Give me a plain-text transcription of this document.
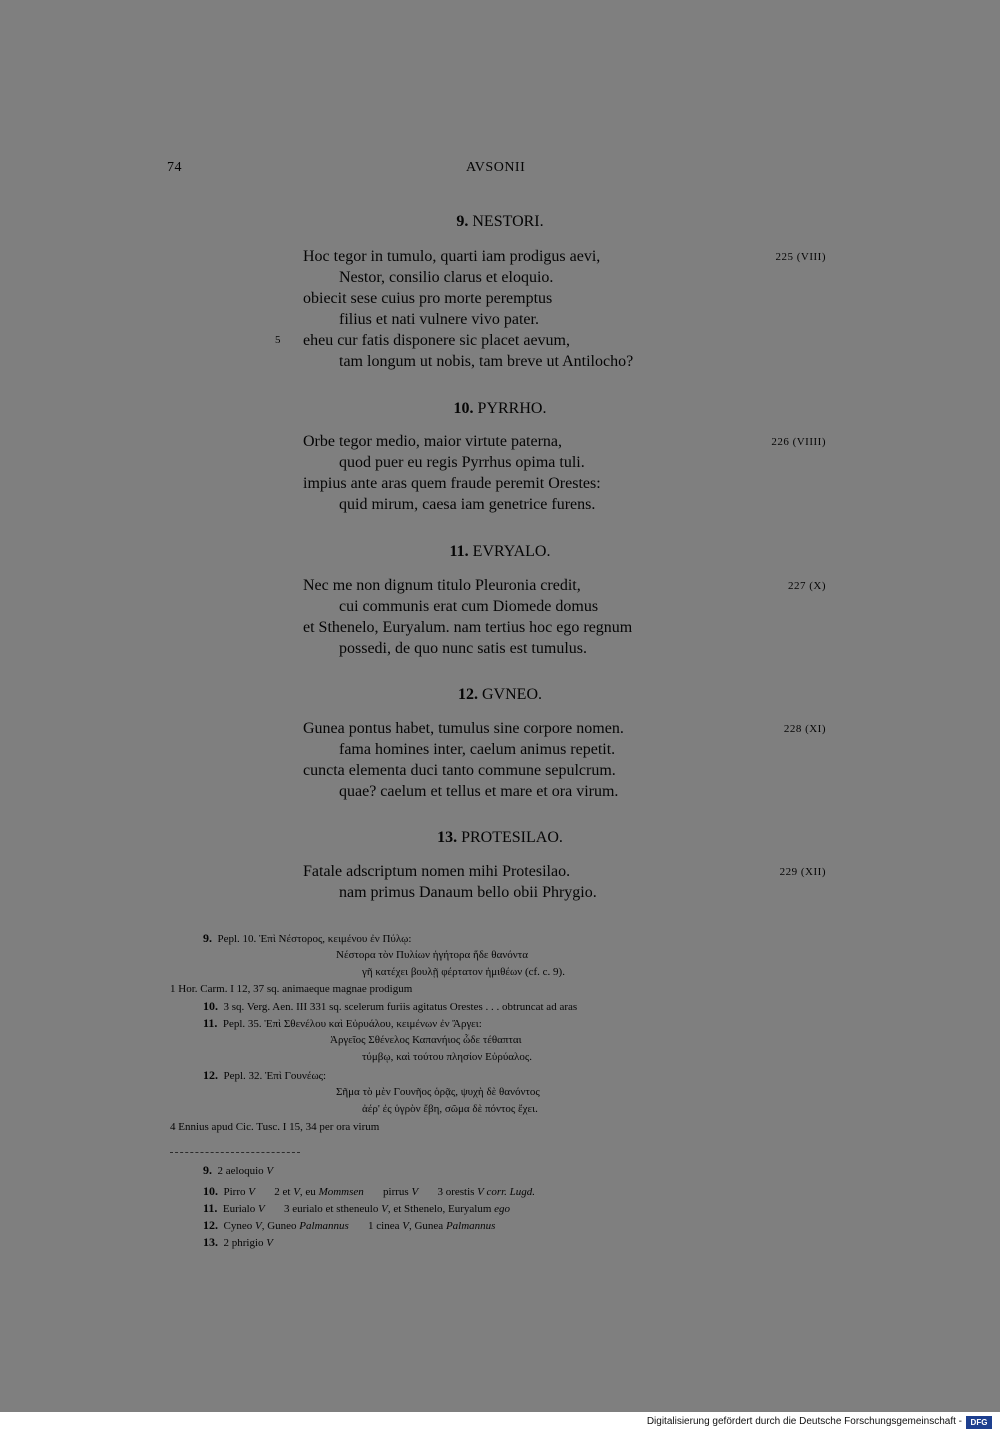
74	AVSONII
9. NESTORI.
Hoc tegor in tumulo, quarti iam prodigus aevi,	225 (VIII)
Nestor, consilio clarus et eloquio.
obiecit sese cuius pro morte peremptus
filius et nati vulnere vivo pater.
5 eheu cur fatis disponere sic placet aevum,
tam longum ut nobis, tam breve ut Antilocho?
10. PYRRHO.
Orbe tegor medio, maior virtute paterna,	226 (VIIII)
quod puer eu regis Pyrrhus opima tuli.
impius ante aras quem fraude peremit Orestes:
quid mirum, caesa iam genetrice furens.
11. EVRYALO.
Nec me non dignum titulo Pleuronia credit,	227 (X)
cui communis erat cum Diomede domus
et Sthenelo, Euryalum. nam tertius hoc ego regnum
possedi, de quo nunc satis est tumulus.
12. GVNEO.
Gunea pontus habet, tumulus sine corpore nomen.	228 (XI)
fama homines inter, caelum animus repetit.
cuncta elementa duci tanto commune sepulcrum.
quae? caelum et tellus et mare et ora virum.
13. PROTESILAO.
Fatale adscriptum nomen mihi Protesilao.	229 (XII)
nam primus Danaum bello obii Phrygio.
9. Pepl. 10. Ἐπὶ Νέστορος, κειμένου ἐν Πύλῳ:
Νέστορα τὸν Πυλίων ἡγήτορα ἥδε θανόντα
γῆ κατέχει βουλῇ φέρτατον ἡμιθέων (cf. c. 9).
1 Hor. Carm. I 12, 37 sq. animaeque magnae prodigum
10. 3 sq. Verg. Aen. III 331 sq. scelerum furiis agitatus Orestes . . . obtruncat ad aras
11. Pepl. 35. Ἐπὶ Σθενέλου καὶ Εὐρυάλου, κειμένων ἐν Ἄργει:
Ἀργεῖος Σθένελος Καπανήιος ὧδε τέθαπται
τύμβῳ, καὶ τούτου πλησίον Εὐρύαλος.
12. Pepl. 32. Ἐπὶ Γουνέως:
Σῆμα τὸ μὲν Γουνῆος ὁρᾷς, ψυχὴ δὲ θανόντος
ἀέρ' ἐς ὑγρὸν ἔβη, σῶμα δὲ πόντος ἔχει.
4 Ennius apud Cic. Tusc. I 15, 34 per ora virum
9. 2 aeloquio V
10. Pirro V       2 et V, eu Mommsen       pirrus V       3 orestis V corr. Lugd.
11. Eurialo V       3 eurialo et stheneulo V, et Sthenelo, Euryalum ego
12. Cyneo V, Guneo Palmannus       1 cinea V, Gunea Palmannus
13. 2 phrigio V
Digitalisierung gefördert durch die Deutsche Forschungsgemeinschaft -	DFG
